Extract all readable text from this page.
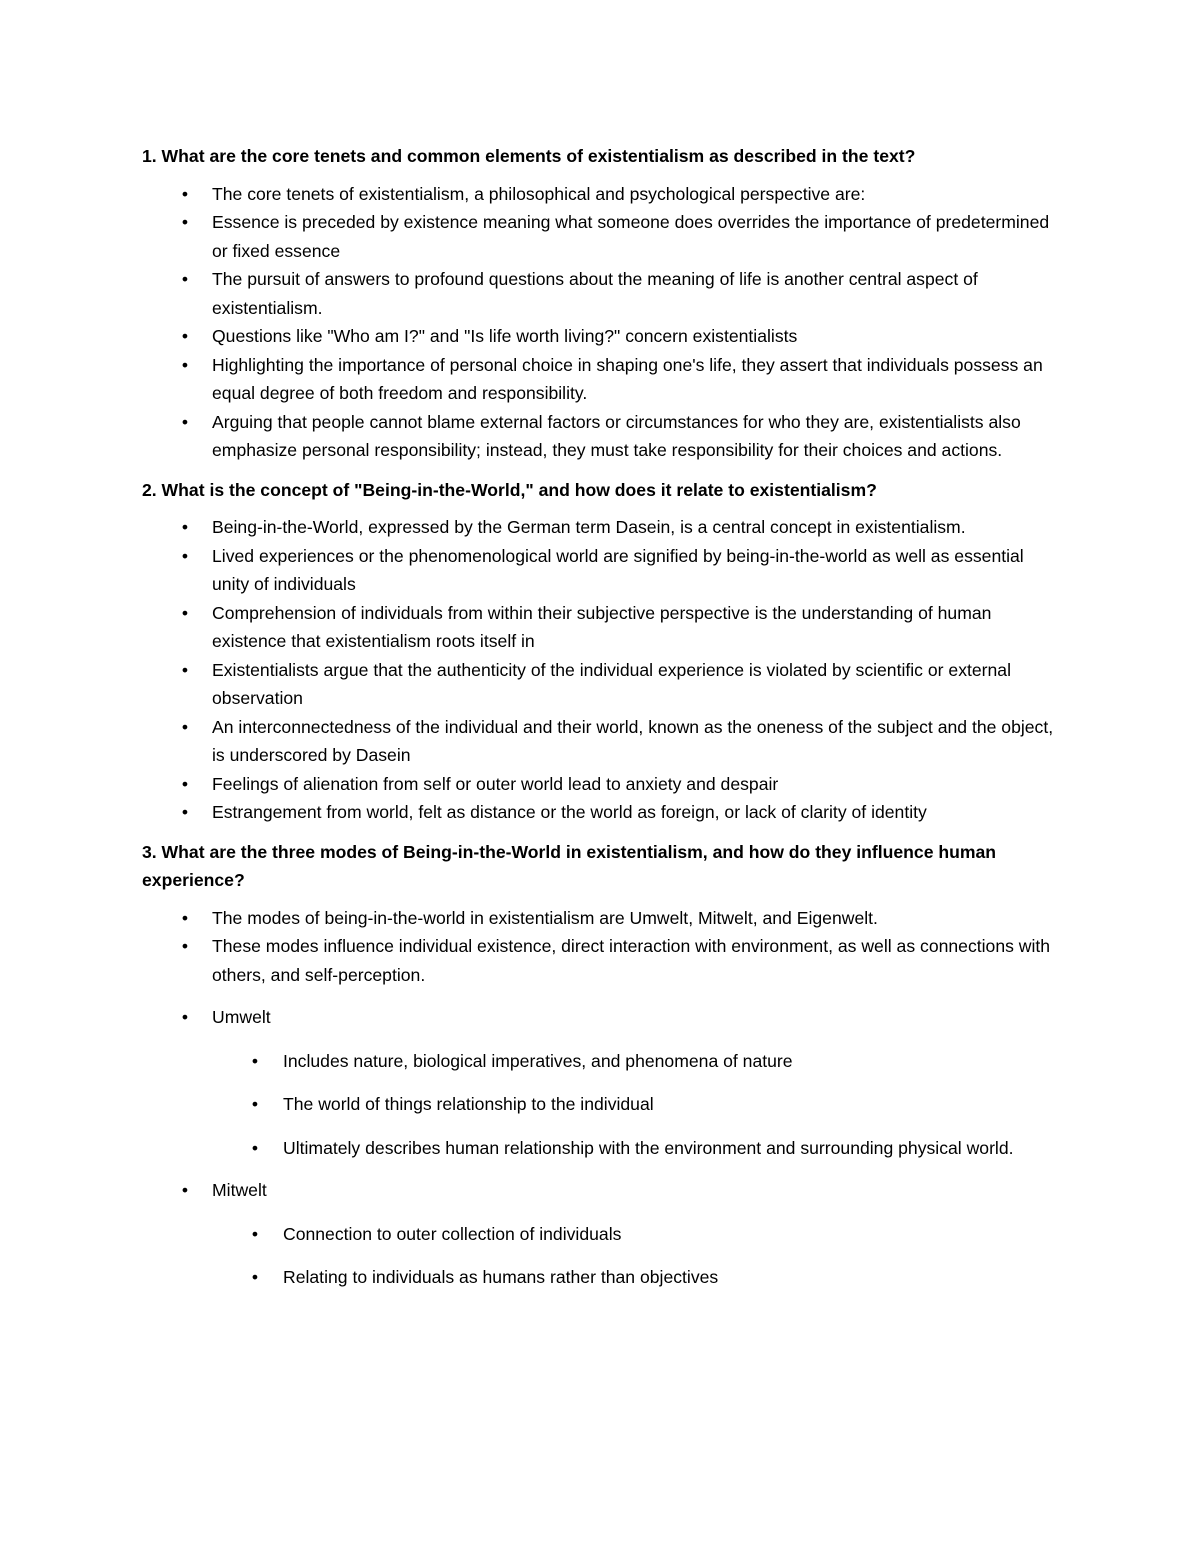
1. What are the core tenets and common elements of existentialism as described in the text?

•	The core tenets of existentialism, a philosophical and psychological perspective are:
•	Essence is preceded by existence meaning what someone does overrides the importance of predetermined or fixed essence
•	The pursuit of answers to profound questions about the meaning of life is another central aspect of existentialism.
•	Questions like "Who am I?" and "Is life worth living?" concern existentialists
•	Highlighting the importance of personal choice in shaping one's life, they assert that individuals possess an equal degree of both freedom and responsibility.
•	Arguing that people cannot blame external factors or circumstances for who they are, existentialists also emphasize personal responsibility; instead, they must take responsibility for their choices and actions.

2. What is the concept of "Being-in-the-World," and how does it relate to existentialism?

•	Being-in-the-World, expressed by the German term Dasein, is a central concept in existentialism.
•	Lived experiences or the phenomenological world are signified by being-in-the-world as well as essential unity of individuals
•	Comprehension of individuals from within their subjective perspective is the understanding of human existence that existentialism roots itself in
•	Existentialists argue that the authenticity of the individual experience is violated by scientific or external observation
•	An interconnectedness of the individual and their world, known as the oneness of the subject and the object, is underscored by Dasein
•	Feelings of alienation from self or outer world lead to anxiety and despair
•	Estrangement from world, felt as distance or the world as foreign, or lack of clarity of identity

3. What are the three modes of Being-in-the-World in existentialism, and how do they influence human experience?

•	The modes of being-in-the-world in existentialism are Umwelt, Mitwelt, and Eigenwelt.
•	These modes influence individual existence, direct interaction with environment, as well as connections with others, and self-perception.
•	Umwelt
•	Includes nature, biological imperatives, and phenomena of nature
•	The world of things relationship to the individual
•	Ultimately describes human relationship with the environment and surrounding physical world.
•	Mitwelt
•	Connection to outer collection of individuals
•	Relating to individuals as humans rather than objectives
